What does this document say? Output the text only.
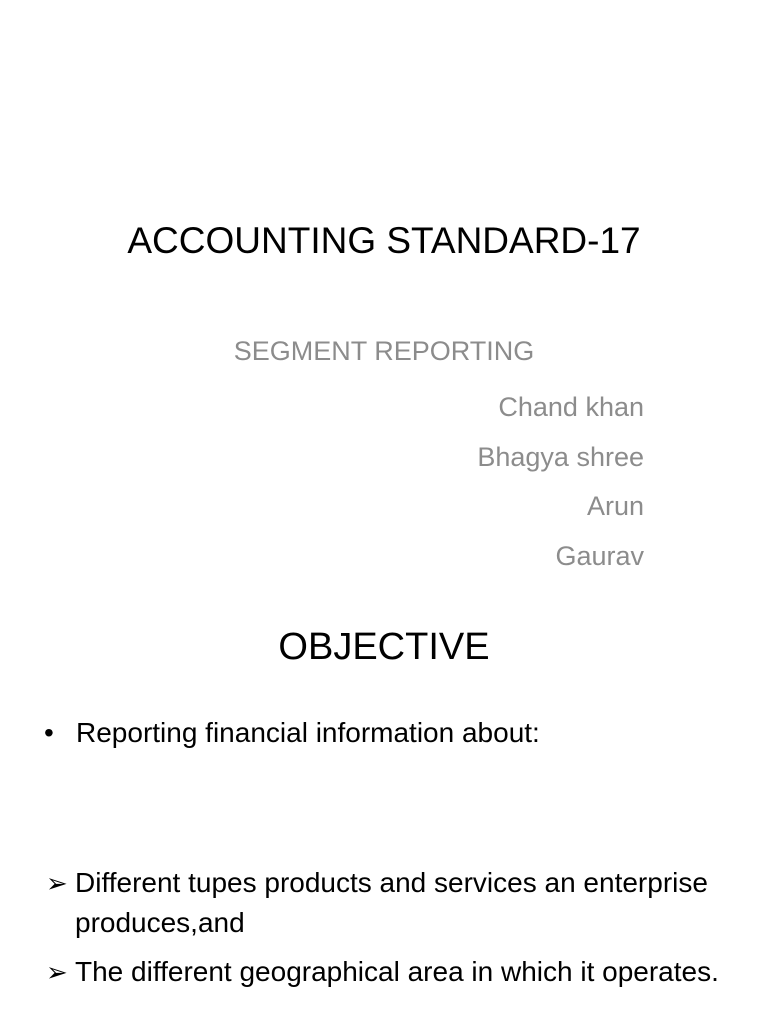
ACCOUNTING STANDARD-17
SEGMENT REPORTING
Chand khan
Bhagya shree
Arun
Gaurav
OBJECTIVE
• Reporting financial information about:
➢ Different tupes products and services an enterprise produces,and
➢ The different geographical area in which it operates.
